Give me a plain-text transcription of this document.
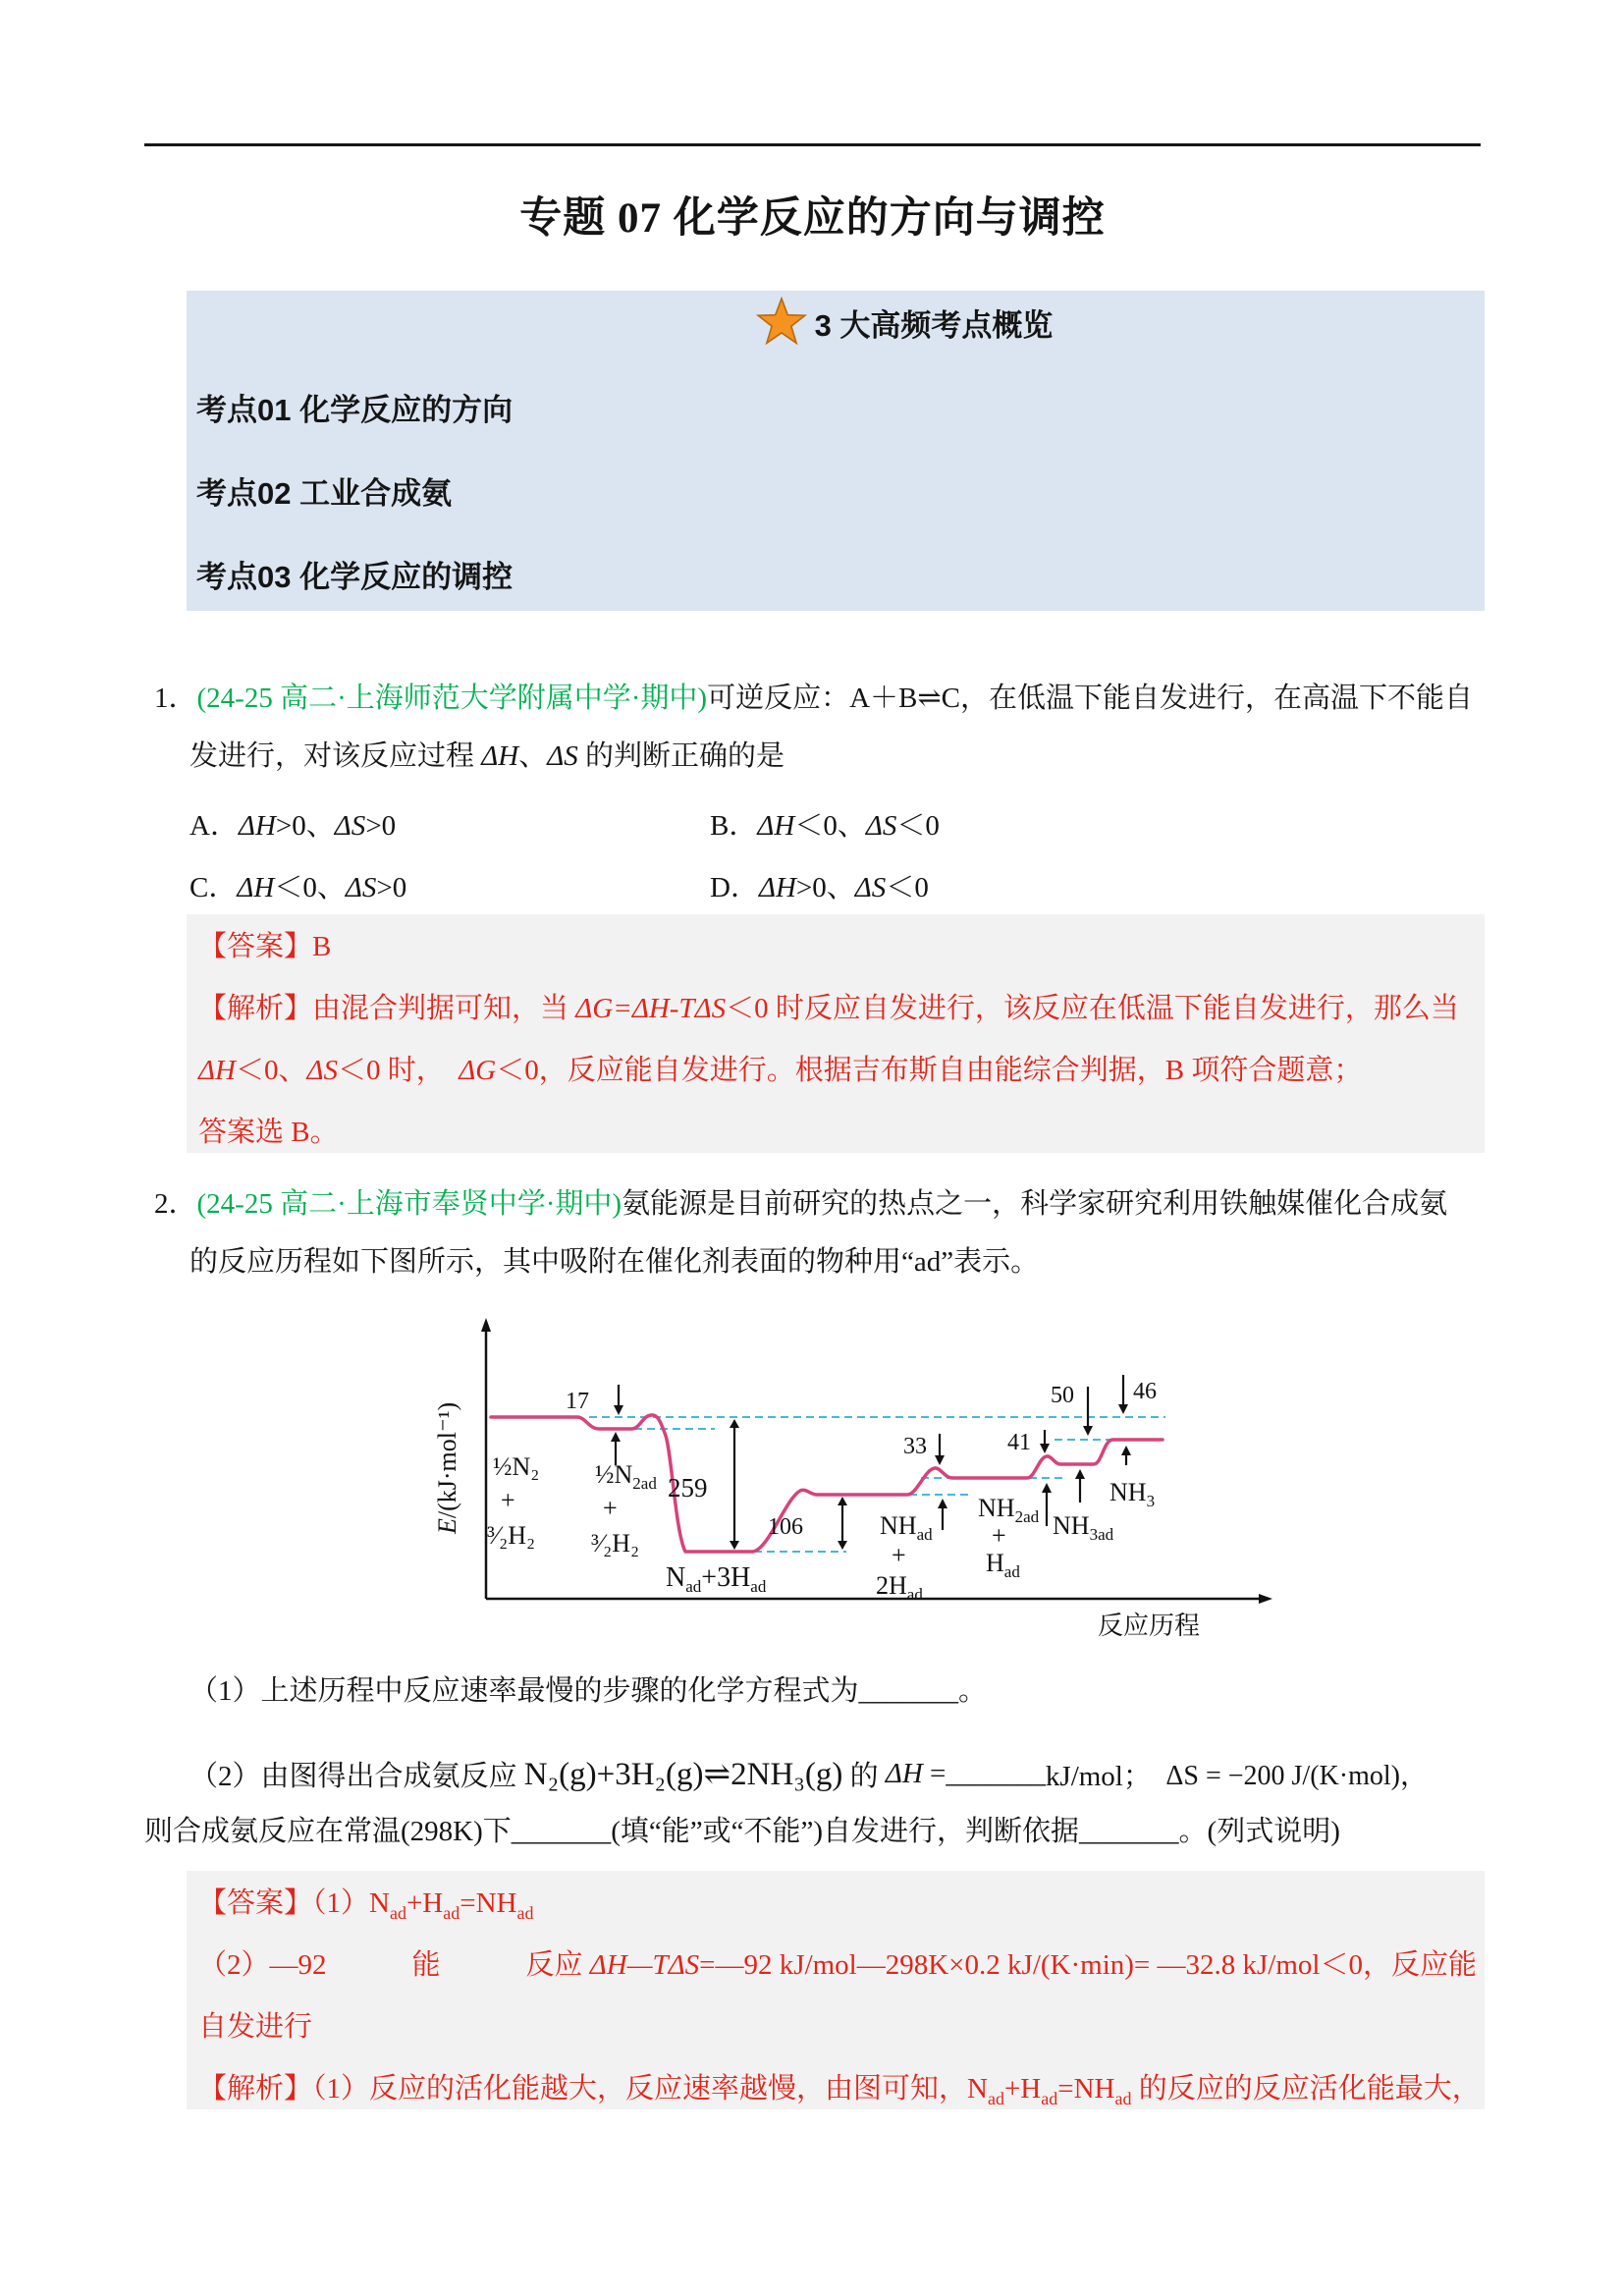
专题 07 化学反应的方向与调控
3 大高频考点概览
考点01 化学反应的方向
考点02 工业合成氨
考点03 化学反应的调控
1．(24-25 高二·上海师范大学附属中学·期中)可逆反应：A＋B⇌C，在低温下能自发进行，在高温下不能自
发进行，对该反应过程 ΔH、ΔS 的判断正确的是

A．ΔH>0、ΔS>0

	B．ΔH＜0、ΔS＜0

C．ΔH＜0、ΔS>0

	D．ΔH>0、ΔS＜0

【答案】B
【解析】由混合判据可知，当 ΔG=ΔH-TΔS＜0 时反应自发进行，该反应在低温下能自发进行，那么当
ΔH＜0、ΔS＜0 时，　ΔG＜0，反应能自发进行。根据吉布斯自由能综合判据，B 项符合题意；
答案选 B。
2．(24-25 高二·上海市奉贤中学·期中)氨能源是目前研究的热点之一，科学家研究利用铁触媒催化合成氨
的反应历程如下图所示，其中吸附在催化剂表面的物种用“ad”表示。
E/(kJ·mol⁻¹)
反应历程
17
259
106
33	41
50	46
½N₂
+
³⁄₂H₂
$\frac{1}{2}N_{2ad}$
+
³⁄₂H₂
$N_{ad}+3H_{ad}$
$NH_{ad}$
+
$2H_{ad}$
$NH_{2ad}$
+
$H_{ad}$
$NH_{3ad}$
$NH_3$
（1）上述历程中反应速率最慢的步骤的化学方程式为_______。
（2）由图得出合成氨反应 N₂(g)+3H₂(g)⇌2NH₃(g) 的 ΔH = _______ kJ/mol；　 ΔS = −200 J/(K·mol)，
则合成氨反应在常温(298K)下_______(填“能”或“不能”)自发进行，判断依据_______。(列式说明)
【答案】$(1)N_{ad}+H_{ad}=NH_{ad}$
（2）—92　　　能　　　反应 ΔH—TΔS=—92 kJ/mol—298K×0.2 kJ/(K·min)= —32.8 kJ/mol＜0，反应能
自发进行
【解析】（1）反应的活化能越大，反应速率越慢，由图可知，$N_{ad}+H_{ad}=NH_{ad}$ 的反应的反应活化能最大，
